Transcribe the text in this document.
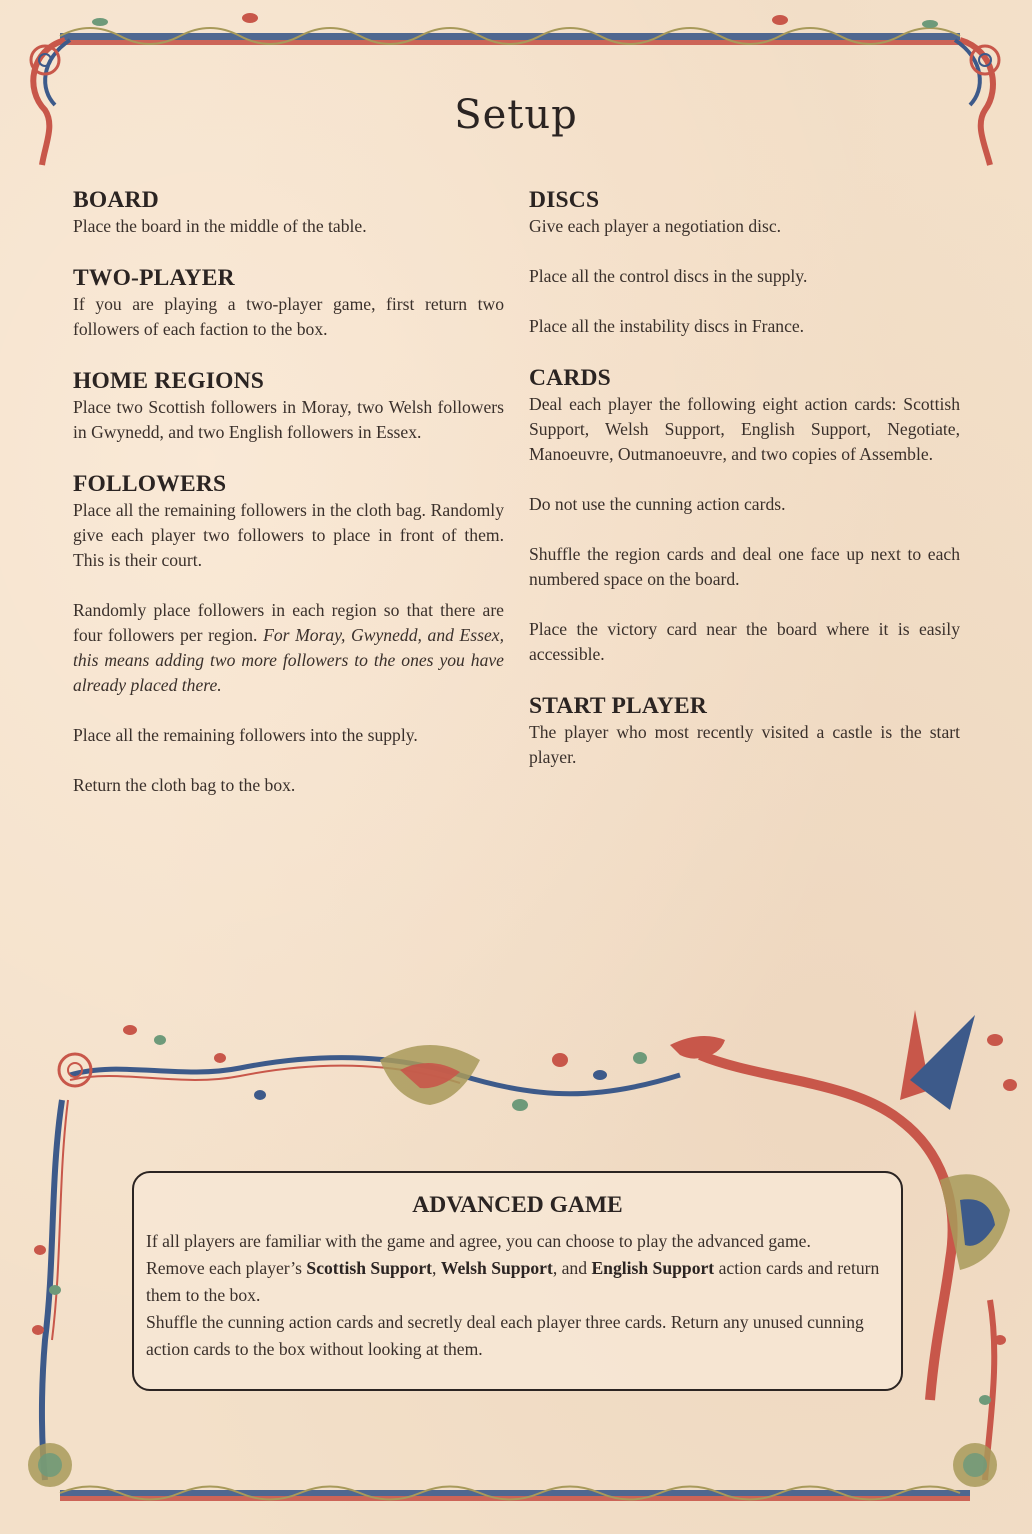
Setup
BOARD

Place the board in the middle of the table.

TWO-PLAYER

If you are playing a two-player game, first return two followers of each faction to the box.

HOME REGIONS

Place two Scottish followers in Moray, two Welsh followers in Gwynedd, and two English followers in Essex.

FOLLOWERS

Place all the remaining followers in the cloth bag. Randomly give each player two followers to place in front of them. This is their court.

Randomly place followers in each region so that there are four followers per region. For Moray, Gwynedd, and Essex, this means adding two more followers to the ones you have already placed there.

Place all the remaining followers into the supply.

Return the cloth bag to the box.

DISCS

Give each player a negotiation disc.

Place all the control discs in the supply.

Place all the instability discs in France.

CARDS

Deal each player the following eight action cards: Scottish Support, Welsh Support, English Support, Negotiate, Manoeuvre, Outmanoeuvre, and two copies of Assemble.

Do not use the cunning action cards.

Shuffle the region cards and deal one face up next to each numbered space on the board.

Place the victory card near the board where it is easily accessible.

START PLAYER

The player who most recently visited a castle is the start player.

ADVANCED GAME

If all players are familiar with the game and agree, you can choose to play the advanced game.
Remove each player’s Scottish Support, Welsh Support, and English Support action cards and return them to the box.
Shuffle the cunning action cards and secretly deal each player three cards. Return any unused cunning action cards to the box without looking at them.
